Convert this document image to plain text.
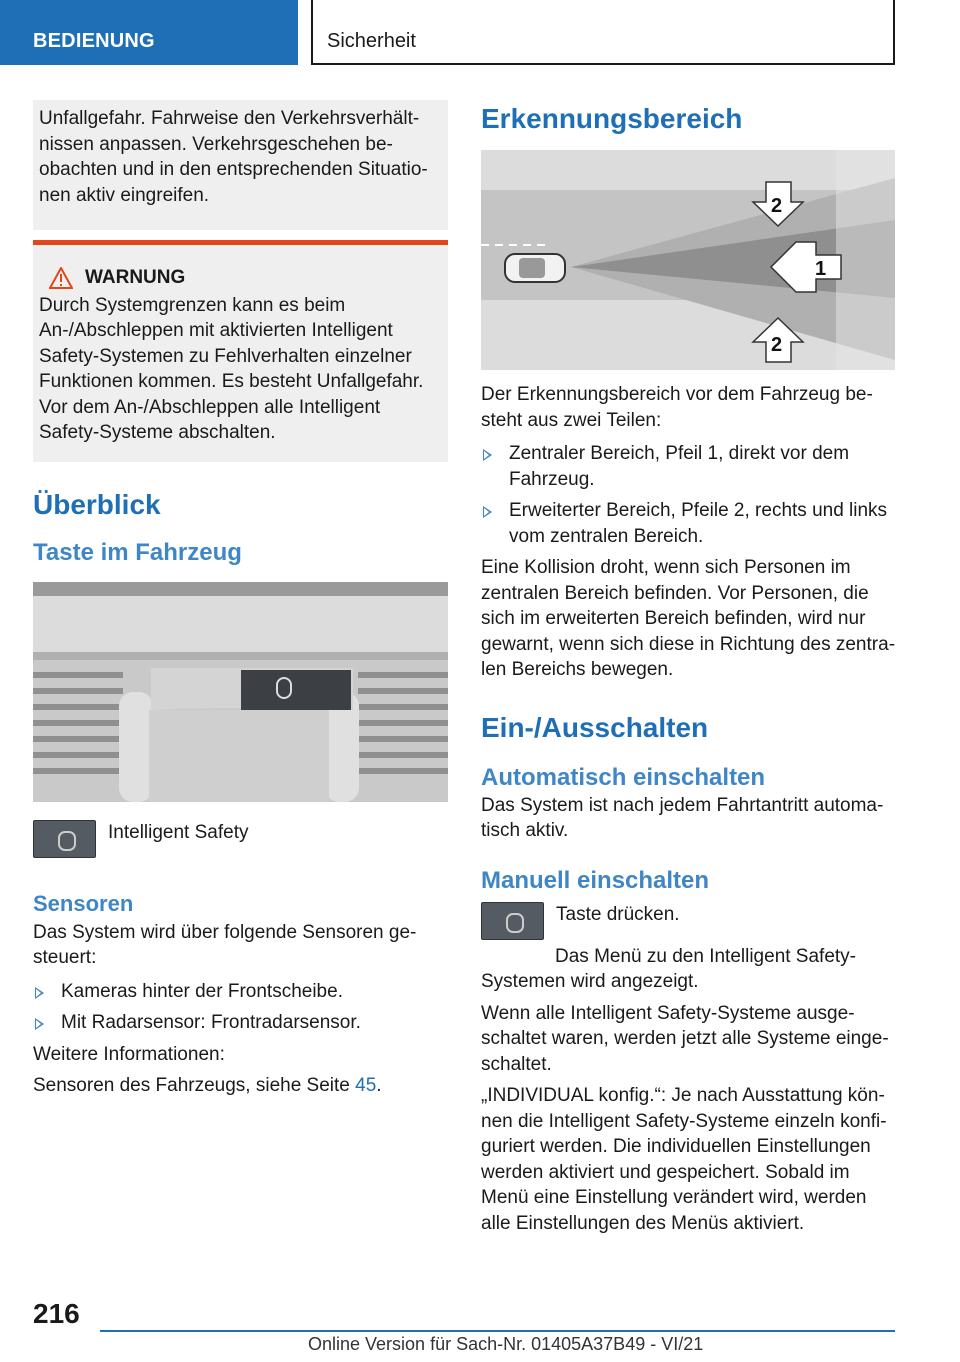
BEDIENUNG	Sicherheit

Unfallgefahr. Fahrweise den Verkehrsverhältnissen anpassen. Verkehrsgeschehen beobachten und in den entsprechenden Situationen aktiv eingreifen.

WARNUNG

Durch Systemgrenzen kann es beim An-/Abschleppen mit aktivierten Intelligent Safety-Systemen zu Fehlverhalten einzelner Funktionen kommen. Es besteht Unfallgefahr. Vor dem An-/Abschleppen alle Intelligent Safety-Systeme abschalten.

Überblick
Taste im Fahrzeug
Intelligent Safety
Sensoren

Das System wird über folgende Sensoren gesteuert:

Kameras hinter der Frontscheibe.
Mit Radarsensor: Frontradarsensor.

Weitere Informationen:

Sensoren des Fahrzeugs, siehe Seite 45.

Erkennungsbereich
1
2
2

Der Erkennungsbereich vor dem Fahrzeug besteht aus zwei Teilen:

Zentraler Bereich, Pfeil 1, direkt vor dem Fahrzeug.
Erweiterter Bereich, Pfeile 2, rechts und links vom zentralen Bereich.

Eine Kollision droht, wenn sich Personen im zentralen Bereich befinden. Vor Personen, die sich im erweiterten Bereich befinden, wird nur gewarnt, wenn sich diese in Richtung des zentralen Bereichs bewegen.

Ein-/Ausschalten
Automatisch einschalten

Das System ist nach jedem Fahrtantritt automatisch aktiv.

Manuell einschalten

Taste drücken.

Das Menü zu den Intelligent Safety-Systemen wird angezeigt.

Wenn alle Intelligent Safety-Systeme ausgeschaltet waren, werden jetzt alle Systeme eingeschaltet.

„INDIVIDUAL konfig.“: Je nach Ausstattung können die Intelligent Safety-Systeme einzeln konfiguriert werden. Die individuellen Einstellungen werden aktiviert und gespeichert. Sobald im Menü eine Einstellung verändert wird, werden alle Einstellungen des Menüs aktiviert.

216
Online Version für Sach-Nr. 01405A37B49 - VI/21
